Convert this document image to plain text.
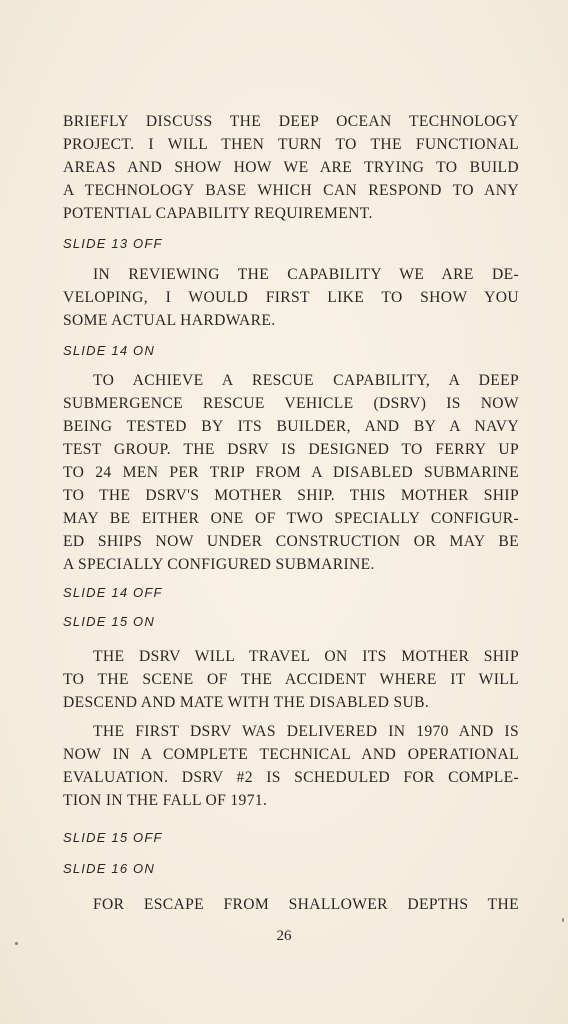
BRIEFLY DISCUSS THE DEEP OCEAN TECHNOLOGY
PROJECT. I WILL THEN TURN TO THE FUNCTIONAL
AREAS AND SHOW HOW WE ARE TRYING TO BUILD
A TECHNOLOGY BASE WHICH CAN RESPOND TO ANY
POTENTIAL CAPABILITY REQUIREMENT.
SLIDE 13 OFF
IN REVIEWING THE CAPABILITY WE ARE DE-
VELOPING, I WOULD FIRST LIKE TO SHOW YOU
SOME ACTUAL HARDWARE.
SLIDE 14 ON
TO ACHIEVE A RESCUE CAPABILITY, A DEEP
SUBMERGENCE RESCUE VEHICLE (DSRV) IS NOW
BEING TESTED BY ITS BUILDER, AND BY A NAVY
TEST GROUP. THE DSRV IS DESIGNED TO FERRY UP
TO 24 MEN PER TRIP FROM A DISABLED SUBMARINE
TO THE DSRV'S MOTHER SHIP. THIS MOTHER SHIP
MAY BE EITHER ONE OF TWO SPECIALLY CONFIGUR-
ED SHIPS NOW UNDER CONSTRUCTION OR MAY BE
A SPECIALLY CONFIGURED SUBMARINE.
SLIDE 14 OFF
SLIDE 15 ON
THE DSRV WILL TRAVEL ON ITS MOTHER SHIP
TO THE SCENE OF THE ACCIDENT WHERE IT WILL
DESCEND AND MATE WITH THE DISABLED SUB.
THE FIRST DSRV WAS DELIVERED IN 1970 AND IS
NOW IN A COMPLETE TECHNICAL AND OPERATIONAL
EVALUATION. DSRV #2 IS SCHEDULED FOR COMPLE-
TION IN THE FALL OF 1971.
SLIDE 15 OFF
SLIDE 16 ON
FOR ESCAPE FROM SHALLOWER DEPTHS THE
26
